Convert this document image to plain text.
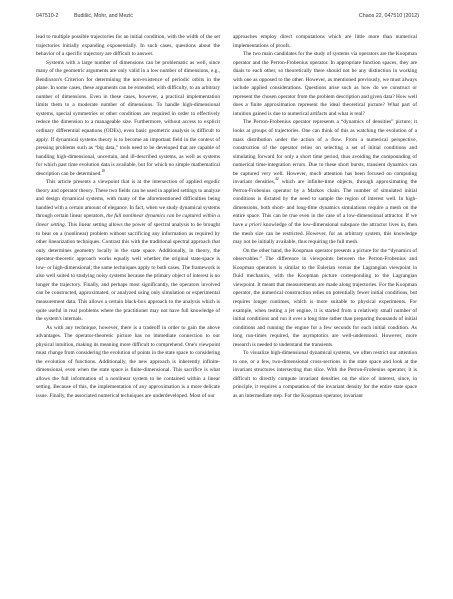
047510-2	Budišić, Mohr, and Mezić	Chaos 22, 047510 (2012)

lead to multiple possible trajectories for an initial condition, with the width of the set trajectories initially expanding exponentially. In such cases, questions about the behavior of a specific trajectory are difficult to answer.

Systems with a large number of dimensions can be problematic as well, since many of the geometric arguments are only valid in a low number of dimensions, e.g., Bendixson's Criterion for determining the non-existence of periodic orbits in the plane. In some cases, these arguments can be extended, with difficulty, to an arbitrary number of dimensions. Even in these cases, however, a practical implementation limits them to a moderate number of dimensions. To handle high-dimensional systems, special symmetries or other conditions are required in order to effectively reduce the dimension to a manageable size. Furthermore, without access to explicit ordinary differential equations (ODEs), even basic geometric analysis is difficult to apply. If dynamical systems theory is to become an important field in the context of pressing problems such as “big data,” tools need to be developed that are capable of handling high-dimensional, uncertain, and ill-described systems, as well as systems for which past time evolution data is available, but for which no simple mathematical description can be determined.$^{20}$

This article presents a viewpoint that is at the intersection of applied ergodic theory and operator theory. These two fields can be used in applied settings to analyze and design dynamical systems, with many of the aforementioned difficulties being handled with a certain amount of elegance. In fact, when we study dynamical systems through certain linear operators, the full nonlinear dynamics can be captured within a linear setting. This linear setting allows the power of spectral analysis to be brought to bear on a (nonlinear) problem without sacrificing any information as required by other linearization techniques. Contrast this with the traditional spectral approach that only determines geometry locally in the state space. Additionally, in theory, the operator-theoretic approach works equally well whether the original state-space is low- or high-dimensional; the same techniques apply to both cases. The framework is also well suited to studying noisy systems because the primary object of interest is no longer the trajectory. Finally, and perhaps most significantly, the operators involved can be constructed, approximated, or analyzed using only simulation or experimental measurement data. This allows a certain black-box approach to the analysis which is quite useful in real problems where the practitioner may not have full knowledge of the system's internals.

As with any technique, however, there is a tradeoff in order to gain the above advantages. The operator-theoretic picture has no immediate connection to our physical intuition, making its meaning more difficult to comprehend. One's viewpoint must change from considering the evolution of points in the state space to considering the evolution of functions. Additionally, the new approach is inherently infinite-dimensional, even when the state space is finite-dimensional. This sacrifice is what allows the full information of a nonlinear system to be contained within a linear setting. Because of this, the implementation of any approximation is a more delicate issue. Finally, the associated numerical techniques are underdeveloped. Most of our

approaches employ direct computations which are little more than numerical implementations of proofs.

The two main candidates for the study of systems via operators are the Koopman operator and the Perron-Frobenius operator. In appropriate function spaces, they are duals to each other, so theoretically there should not be any distinction in working with one as opposed to the other. However, as mentioned previously, we must always include applied considerations. Questions arise such as how do we construct or represent the chosen operator from the problem description and given data? How well does a finite approximation represent the ideal theoretical picture? What part of intuition gained is due to numerical artifacts and what is real?

The Perron-Frobenius operator represents a “dynamics of densities” picture; it looks at groups of trajectories. One can think of this as watching the evolution of a mass distribution under the action of a flow. From a numerical perspective, construction of the operator relies on selecting a set of initial conditions and simulating forward for only a short time period, thus avoiding the compounding of numerical time-integration errors. Due to these short bursts, transient dynamics can be captured very well. However, much attention has been focused on computing invariant densities,$^{42}$ which are infinite-time objects, through approximating the Perron-Frobenius operator by a Markov chain. The number of simulated initial conditions is dictated by the need to sample the region of interest well. In high-dimensions, both short- and long-time dynamics simulations require a mesh on the entire space. This can be true even in the case of a low-dimensional attractor. If we have a priori knowledge of the low-dimensional subspace the attractor lives in, then the mesh size can be restricted. However, for an arbitrary system, this knowledge may not be initially available, thus requiring the full mesh.

On the other hand, the Koopman operator presents a picture for the “dynamics of observables.” The difference in viewpoints between the Perron-Frobenius and Koopman operators is similar to the Eulerian versus the Lagrangian viewpoint in fluid mechanics, with the Koopman picture corresponding to the Lagrangian viewpoint. It meant that measurements are made along trajectories. For the Koopman operator, the numerical construction relies on potentially fewer initial conditions, but requires longer runtimes, which is more suitable to physical experiments. For example, when testing a jet engine, it is started from a relatively small number of initial conditions and run it over a long time rather than preparing thousands of initial conditions and running the engine for a few seconds for each initial condition. As long run-times required, the asymptotics are well-understood. However, more research is needed to understand the transients.

To visualize high-dimensional dynamical systems, we often restrict our attention to one, or a few, two-dimensional cross-sections in the state space and look at the invariant structures intersecting that slice. With the Perron-Frobenius operator, it is difficult to directly compute invariant densities on the slice of interest, since, in principle, it requires a computation of the invariant density for the entire state space as an intermediate step. For the Koopman operator, invariant
